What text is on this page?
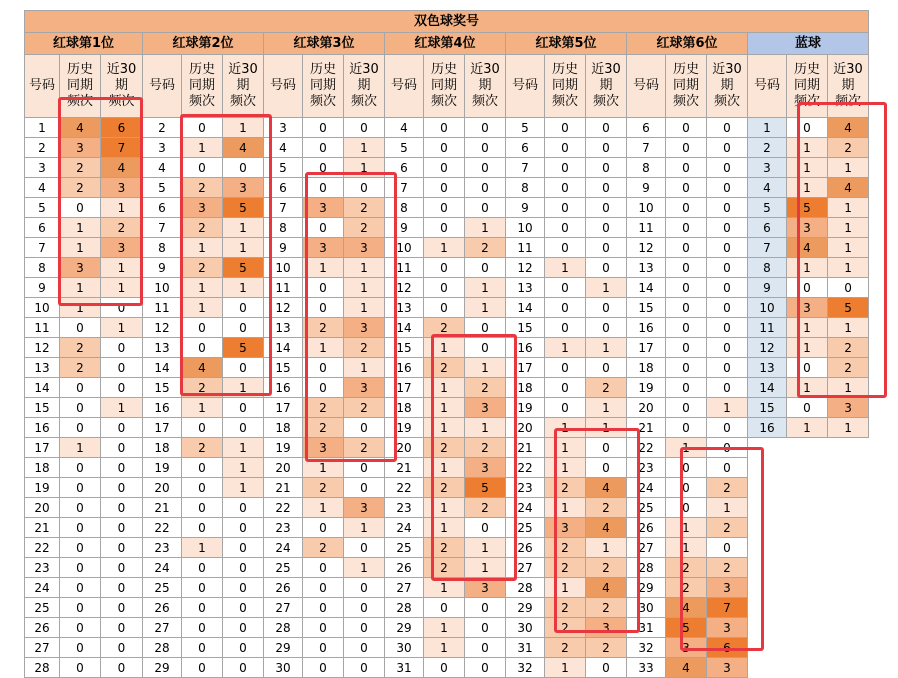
双色球奖号																				
红球第1位			红球第2位			红球第3位			红球第4位			红球第5位			红球第6位			蓝球		
号码	历史
同期
频次	近30
期
频次	号码	历史
同期
频次	近30
期
频次	号码	历史
同期
频次	近30
期
频次	号码	历史
同期
频次	近30
期
频次	号码	历史
同期
频次	近30
期
频次	号码	历史
同期
频次	近30
期
频次	号码	历史
同期
频次	近30
期
频次

1	4	6	2	0	1	3	0	0	4	0	0	5	0	0	6	0	0	1	0	4
2	3	7	3	1	4	4	0	1	5	0	0	6	0	0	7	0	0	2	1	2
3	2	4	4	0	0	5	0	1	6	0	0	7	0	0	8	0	0	3	1	1
4	2	3	5	2	3	6	0	0	7	0	0	8	0	0	9	0	0	4	1	4
5	0	1	6	3	5	7	3	2	8	0	0	9	0	0	10	0	0	5	5	1
6	1	2	7	2	1	8	0	2	9	0	1	10	0	0	11	0	0	6	3	1
7	1	3	8	1	1	9	3	3	10	1	2	11	0	0	12	0	0	7	4	1
8	3	1	9	2	5	10	1	1	11	0	0	12	1	0	13	0	0	8	1	1
9	1	1	10	1	1	11	0	1	12	0	1	13	0	1	14	0	0	9	0	0
10	1	0	11	1	0	12	0	1	13	0	1	14	0	0	15	0	0	10	3	5
11	0	1	12	0	0	13	2	3	14	2	0	15	0	0	16	0	0	11	1	1
12	2	0	13	0	5	14	1	2	15	1	0	16	1	1	17	0	0	12	1	2
13	2	0	14	4	0	15	0	1	16	2	1	17	0	0	18	0	0	13	0	2
14	0	0	15	2	1	16	0	3	17	1	2	18	0	2	19	0	0	14	1	1
15	0	1	16	1	0	17	2	2	18	1	3	19	0	1	20	0	1	15	0	3
16	0	0	17	0	0	18	2	0	19	1	1	20	1	1	21	0	0	16	1	1
17	1	0	18	2	1	19	3	2	20	2	2	21	1	0	22	1	0			
18	0	0	19	0	1	20	1	0	21	1	3	22	1	0	23	0	0			
19	0	0	20	0	1	21	2	0	22	2	5	23	2	4	24	0	2			
20	0	0	21	0	0	22	1	3	23	1	2	24	1	2	25	0	1			
21	0	0	22	0	0	23	0	1	24	1	0	25	3	4	26	1	2			
22	0	0	23	1	0	24	2	0	25	2	1	26	2	1	27	1	0			
23	0	0	24	0	0	25	0	1	26	2	1	27	2	2	28	2	2			
24	0	0	25	0	0	26	0	0	27	1	3	28	1	4	29	2	3			
25	0	0	26	0	0	27	0	0	28	0	0	29	2	2	30	4	7			
26	0	0	27	0	0	28	0	0	29	1	0	30	2	3	31	5	3			
27	0	0	28	0	0	29	0	0	30	1	0	31	2	2	32	3	6			
28	0	0	29	0	0	30	0	0	31	0	0	32	1	0	33	4	3			
